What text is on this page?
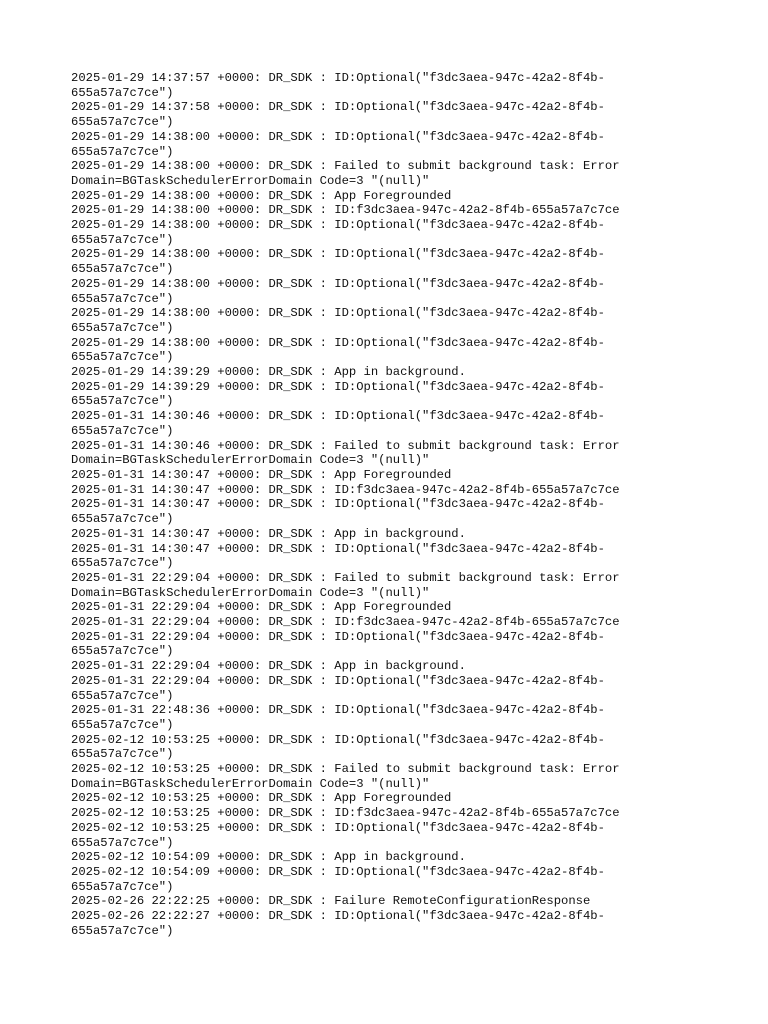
2025-01-29 14:37:57 +0000: DR_SDK : ID:Optional("f3dc3aea-947c-42a2-8f4b-
655a57a7c7ce")
2025-01-29 14:37:58 +0000: DR_SDK : ID:Optional("f3dc3aea-947c-42a2-8f4b-
655a57a7c7ce")
2025-01-29 14:38:00 +0000: DR_SDK : ID:Optional("f3dc3aea-947c-42a2-8f4b-
655a57a7c7ce")
2025-01-29 14:38:00 +0000: DR_SDK : Failed to submit background task: Error
Domain=BGTaskSchedulerErrorDomain Code=3 "(null)"
2025-01-29 14:38:00 +0000: DR_SDK : App Foregrounded
2025-01-29 14:38:00 +0000: DR_SDK : ID:f3dc3aea-947c-42a2-8f4b-655a57a7c7ce
2025-01-29 14:38:00 +0000: DR_SDK : ID:Optional("f3dc3aea-947c-42a2-8f4b-
655a57a7c7ce")
2025-01-29 14:38:00 +0000: DR_SDK : ID:Optional("f3dc3aea-947c-42a2-8f4b-
655a57a7c7ce")
2025-01-29 14:38:00 +0000: DR_SDK : ID:Optional("f3dc3aea-947c-42a2-8f4b-
655a57a7c7ce")
2025-01-29 14:38:00 +0000: DR_SDK : ID:Optional("f3dc3aea-947c-42a2-8f4b-
655a57a7c7ce")
2025-01-29 14:38:00 +0000: DR_SDK : ID:Optional("f3dc3aea-947c-42a2-8f4b-
655a57a7c7ce")
2025-01-29 14:39:29 +0000: DR_SDK : App in background.
2025-01-29 14:39:29 +0000: DR_SDK : ID:Optional("f3dc3aea-947c-42a2-8f4b-
655a57a7c7ce")
2025-01-31 14:30:46 +0000: DR_SDK : ID:Optional("f3dc3aea-947c-42a2-8f4b-
655a57a7c7ce")
2025-01-31 14:30:46 +0000: DR_SDK : Failed to submit background task: Error
Domain=BGTaskSchedulerErrorDomain Code=3 "(null)"
2025-01-31 14:30:47 +0000: DR_SDK : App Foregrounded
2025-01-31 14:30:47 +0000: DR_SDK : ID:f3dc3aea-947c-42a2-8f4b-655a57a7c7ce
2025-01-31 14:30:47 +0000: DR_SDK : ID:Optional("f3dc3aea-947c-42a2-8f4b-
655a57a7c7ce")
2025-01-31 14:30:47 +0000: DR_SDK : App in background.
2025-01-31 14:30:47 +0000: DR_SDK : ID:Optional("f3dc3aea-947c-42a2-8f4b-
655a57a7c7ce")
2025-01-31 22:29:04 +0000: DR_SDK : Failed to submit background task: Error
Domain=BGTaskSchedulerErrorDomain Code=3 "(null)"
2025-01-31 22:29:04 +0000: DR_SDK : App Foregrounded
2025-01-31 22:29:04 +0000: DR_SDK : ID:f3dc3aea-947c-42a2-8f4b-655a57a7c7ce
2025-01-31 22:29:04 +0000: DR_SDK : ID:Optional("f3dc3aea-947c-42a2-8f4b-
655a57a7c7ce")
2025-01-31 22:29:04 +0000: DR_SDK : App in background.
2025-01-31 22:29:04 +0000: DR_SDK : ID:Optional("f3dc3aea-947c-42a2-8f4b-
655a57a7c7ce")
2025-01-31 22:48:36 +0000: DR_SDK : ID:Optional("f3dc3aea-947c-42a2-8f4b-
655a57a7c7ce")
2025-02-12 10:53:25 +0000: DR_SDK : ID:Optional("f3dc3aea-947c-42a2-8f4b-
655a57a7c7ce")
2025-02-12 10:53:25 +0000: DR_SDK : Failed to submit background task: Error
Domain=BGTaskSchedulerErrorDomain Code=3 "(null)"
2025-02-12 10:53:25 +0000: DR_SDK : App Foregrounded
2025-02-12 10:53:25 +0000: DR_SDK : ID:f3dc3aea-947c-42a2-8f4b-655a57a7c7ce
2025-02-12 10:53:25 +0000: DR_SDK : ID:Optional("f3dc3aea-947c-42a2-8f4b-
655a57a7c7ce")
2025-02-12 10:54:09 +0000: DR_SDK : App in background.
2025-02-12 10:54:09 +0000: DR_SDK : ID:Optional("f3dc3aea-947c-42a2-8f4b-
655a57a7c7ce")
2025-02-26 22:22:25 +0000: DR_SDK : Failure RemoteConfigurationResponse
2025-02-26 22:22:27 +0000: DR_SDK : ID:Optional("f3dc3aea-947c-42a2-8f4b-
655a57a7c7ce")
